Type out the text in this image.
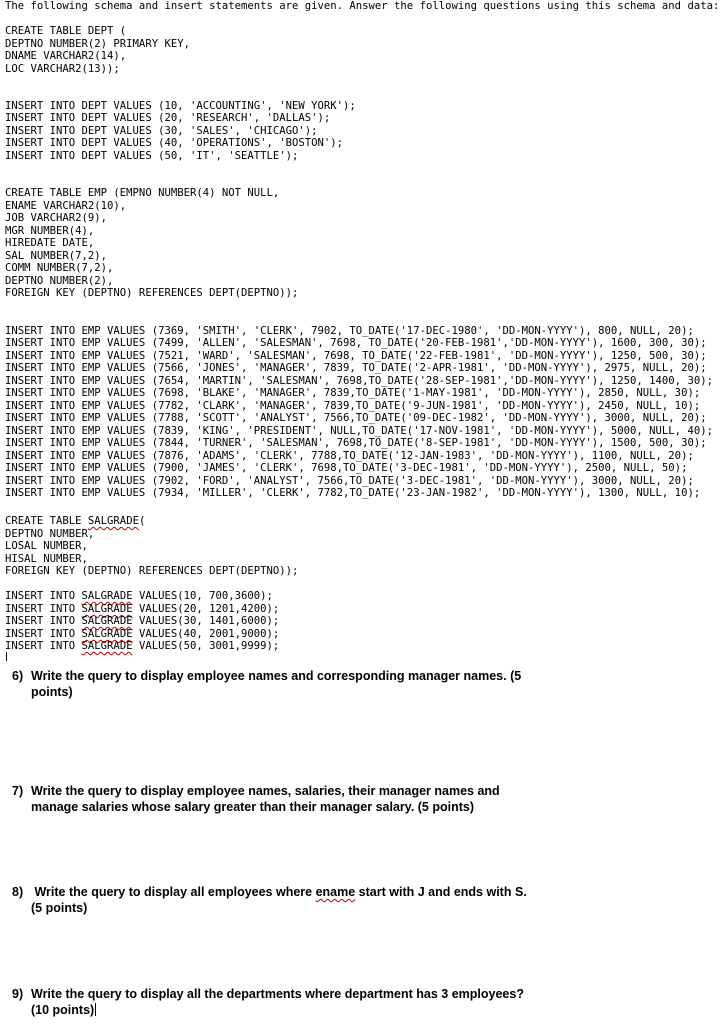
The following schema and insert statements are given. Answer the following questions using this schema and data:
CREATE TABLE DEPT (
DEPTNO NUMBER(2) PRIMARY KEY,
DNAME VARCHAR2(14),
LOC VARCHAR2(13));
INSERT INTO DEPT VALUES (10, 'ACCOUNTING', 'NEW YORK');
INSERT INTO DEPT VALUES (20, 'RESEARCH', 'DALLAS');
INSERT INTO DEPT VALUES (30, 'SALES', 'CHICAGO');
INSERT INTO DEPT VALUES (40, 'OPERATIONS', 'BOSTON');
INSERT INTO DEPT VALUES (50, 'IT', 'SEATTLE');
CREATE TABLE EMP (EMPNO NUMBER(4) NOT NULL,
ENAME VARCHAR2(10),
JOB VARCHAR2(9),
MGR NUMBER(4),
HIREDATE DATE,
SAL NUMBER(7,2),
COMM NUMBER(7,2),
DEPTNO NUMBER(2),
FOREIGN KEY (DEPTNO) REFERENCES DEPT(DEPTNO));
INSERT INTO EMP VALUES (7369, 'SMITH', 'CLERK', 7902, TO_DATE('17-DEC-1980', 'DD-MON-YYYY'), 800, NULL, 20);
INSERT INTO EMP VALUES (7499, 'ALLEN', 'SALESMAN', 7698, TO_DATE('20-FEB-1981','DD-MON-YYYY'), 1600, 300, 30);
INSERT INTO EMP VALUES (7521, 'WARD', 'SALESMAN', 7698, TO_DATE('22-FEB-1981', 'DD-MON-YYYY'), 1250, 500, 30);
INSERT INTO EMP VALUES (7566, 'JONES', 'MANAGER', 7839, TO_DATE('2-APR-1981', 'DD-MON-YYYY'), 2975, NULL, 20);
INSERT INTO EMP VALUES (7654, 'MARTIN', 'SALESMAN', 7698,TO_DATE('28-SEP-1981','DD-MON-YYYY'), 1250, 1400, 30);
INSERT INTO EMP VALUES (7698, 'BLAKE', 'MANAGER', 7839,TO_DATE('1-MAY-1981', 'DD-MON-YYYY'), 2850, NULL, 30);
INSERT INTO EMP VALUES (7782, 'CLARK', 'MANAGER', 7839,TO_DATE('9-JUN-1981', 'DD-MON-YYYY'), 2450, NULL, 10);
INSERT INTO EMP VALUES (7788, 'SCOTT', 'ANALYST', 7566,TO_DATE('09-DEC-1982', 'DD-MON-YYYY'), 3000, NULL, 20);
INSERT INTO EMP VALUES (7839, 'KING', 'PRESIDENT', NULL,TO_DATE('17-NOV-1981', 'DD-MON-YYYY'), 5000, NULL, 40);
INSERT INTO EMP VALUES (7844, 'TURNER', 'SALESMAN', 7698,TO_DATE('8-SEP-1981', 'DD-MON-YYYY'), 1500, 500, 30);
INSERT INTO EMP VALUES (7876, 'ADAMS', 'CLERK', 7788,TO_DATE('12-JAN-1983', 'DD-MON-YYYY'), 1100, NULL, 20);
INSERT INTO EMP VALUES (7900, 'JAMES', 'CLERK', 7698,TO_DATE('3-DEC-1981', 'DD-MON-YYYY'), 2500, NULL, 50);
INSERT INTO EMP VALUES (7902, 'FORD', 'ANALYST', 7566,TO_DATE('3-DEC-1981', 'DD-MON-YYYY'), 3000, NULL, 20);
INSERT INTO EMP VALUES (7934, 'MILLER', 'CLERK', 7782,TO_DATE('23-JAN-1982', 'DD-MON-YYYY'), 1300, NULL, 10);
CREATE TABLE SALGRADE(
DEPTNO NUMBER,
LOSAL NUMBER,
HISAL NUMBER,
FOREIGN KEY (DEPTNO) REFERENCES DEPT(DEPTNO));
INSERT INTO SALGRADE VALUES(10, 700,3600);
INSERT INTO SALGRADE VALUES(20, 1201,4200);
INSERT INTO SALGRADE VALUES(30, 1401,6000);
INSERT INTO SALGRADE VALUES(40, 2001,9000);
INSERT INTO SALGRADE VALUES(50, 3001,9999);
6) Write the query to display employee names and corresponding manager names. (5
points)
7) Write the query to display employee names, salaries, their manager names and
manage salaries whose salary greater than their manager salary. (5 points)
8) Write the query to display all employees where ename start with J and ends with S.
(5 points)
9) Write the query to display all the departments where department has 3 employees?
(10 points)
